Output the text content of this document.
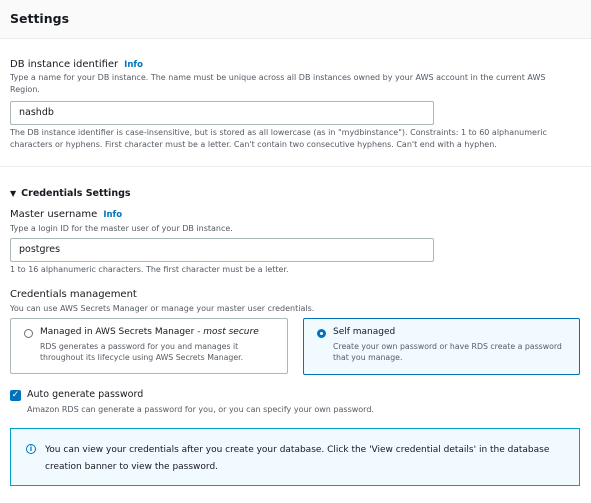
Settings
DB instance identifier Info
Type a name for your DB instance. The name must be unique across all DB instances owned by your AWS account in the current AWS Region.
nashdb
The DB instance identifier is case-insensitive, but is stored as all lowercase (as in "mydbinstance"). Constraints: 1 to 60 alphanumeric characters or hyphens. First character must be a letter. Can't contain two consecutive hyphens. Can't end with a hyphen.
▼ Credentials Settings
Master username Info
Type a login ID for the master user of your DB instance.
postgres
1 to 16 alphanumeric characters. The first character must be a letter.
Credentials management
You can use AWS Secrets Manager or manage your master user credentials.
Managed in AWS Secrets Manager - most secure
RDS generates a password for you and manages it throughout its lifecycle using AWS Secrets Manager.
Self managed
Create your own password or have RDS create a password that you manage.
✓ Auto generate password
Amazon RDS can generate a password for you, or you can specify your own password.
i	You can view your credentials after you create your database. Click the 'View credential details' in the database creation banner to view the password.
